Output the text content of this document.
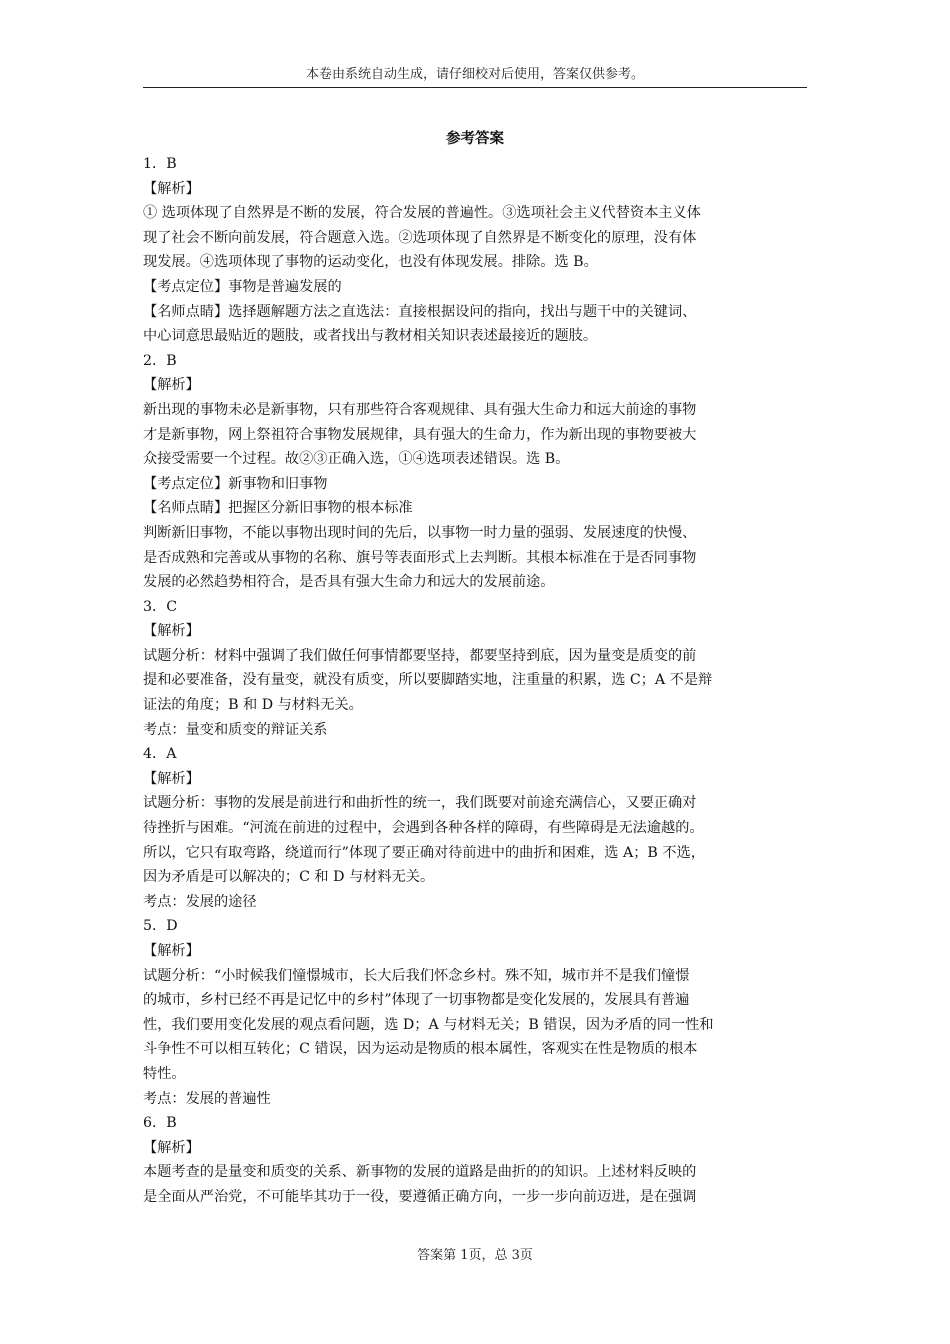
本卷由系统自动生成，请仔细校对后使用，答案仅供参考。
参考答案
1．B
【解析】
① 选项体现了自然界是不断的发展，符合发展的普遍性。③选项社会主义代替资本主义体
现了社会不断向前发展，符合题意入选。②选项体现了自然界是不断变化的原理，没有体
现发展。④选项体现了事物的运动变化，也没有体现发展。排除。选 B。
【考点定位】事物是普遍发展的
【名师点睛】选择题解题方法之直选法：直接根据设问的指向，找出与题干中的关键词、
中心词意思最贴近的题肢，或者找出与教材相关知识表述最接近的题肢。
2．B
【解析】
新出现的事物未必是新事物，只有那些符合客观规律、具有强大生命力和远大前途的事物
才是新事物，网上祭祖符合事物发展规律，具有强大的生命力，作为新出现的事物要被大
众接受需要一个过程。故②③正确入选，①④选项表述错误。选 B。
【考点定位】新事物和旧事物
【名师点睛】把握区分新旧事物的根本标准
判断新旧事物，不能以事物出现时间的先后，以事物一时力量的强弱、发展速度的快慢、
是否成熟和完善或从事物的名称、旗号等表面形式上去判断。其根本标准在于是否同事物
发展的必然趋势相符合，是否具有强大生命力和远大的发展前途。
3．C
【解析】
试题分析：材料中强调了我们做任何事情都要坚持，都要坚持到底，因为量变是质变的前
提和必要准备，没有量变，就没有质变，所以要脚踏实地，注重量的积累，选 C；A 不是辩
证法的角度；B 和 D 与材料无关。
考点：量变和质变的辩证关系
4．A
【解析】
试题分析：事物的发展是前进行和曲折性的统一，我们既要对前途充满信心，又要正确对
待挫折与困难。“河流在前进的过程中，会遇到各种各样的障碍，有些障碍是无法逾越的。
所以，它只有取弯路，绕道而行”体现了要正确对待前进中的曲折和困难，选 A；B 不选，
因为矛盾是可以解决的；C 和 D 与材料无关。
考点：发展的途径
5．D
【解析】
试题分析：“小时候我们憧憬城市，长大后我们怀念乡村。殊不知，城市并不是我们憧憬
的城市，乡村已经不再是记忆中的乡村”体现了一切事物都是变化发展的，发展具有普遍
性，我们要用变化发展的观点看问题，选 D；A 与材料无关；B 错误，因为矛盾的同一性和
斗争性不可以相互转化；C 错误，因为运动是物质的根本属性，客观实在性是物质的根本
特性。
考点：发展的普遍性
6．B
【解析】
本题考查的是量变和质变的关系、新事物的发展的道路是曲折的的知识。上述材料反映的
是全面从严治党，不可能毕其功于一役，要遵循正确方向，一步一步向前迈进，是在强调
答案第 1页，总 3页
